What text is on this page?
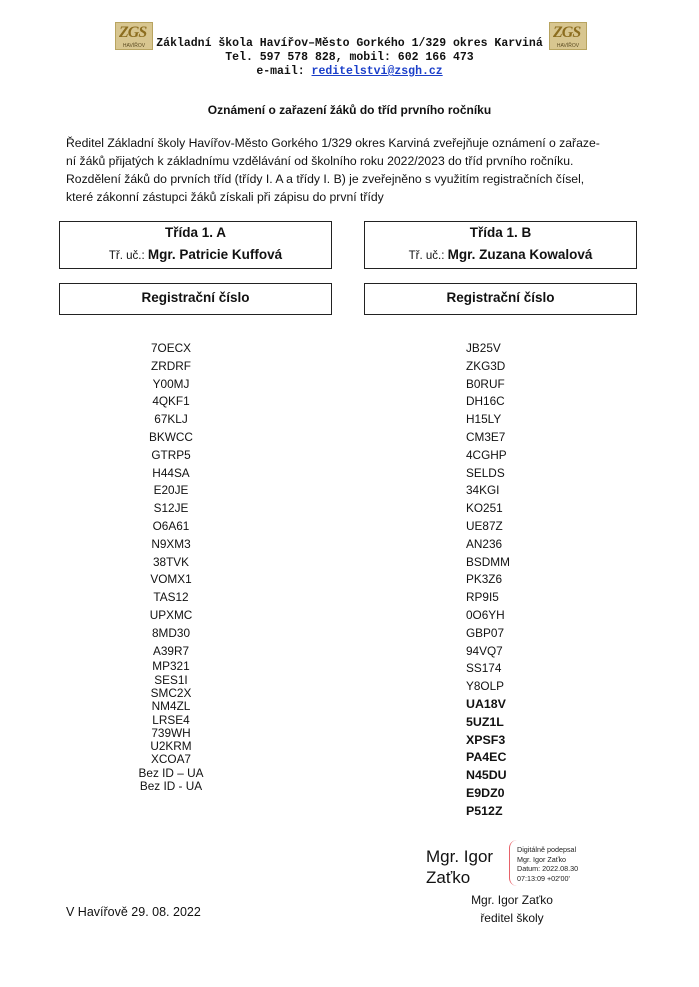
ZGS
HAVÍŘOV
ZGS
HAVÍŘOV
Základní škola Havířov–Město Gorkého 1/329 okres Karviná
Tel. 597 578 828, mobil: 602 166 473
e-mail: reditelstvi@zsgh.cz
Oznámení o zařazení žáků do tříd prvního ročníku
Ředitel Základní školy Havířov-Město Gorkého 1/329 okres Karviná zveřejňuje oznámení o zařaze-
ní žáků přijatých k základnímu vzdělávání od školního roku 2022/2023 do tříd prvního ročníku.
Rozdělení žáků do prvních tříd (třídy I. A a třídy I. B) je zveřejněno s využitím registračních čísel,
které zákonní zástupci žáků získali při zápisu do první třídy
Třída 1. A
Tř. uč.: Mgr. Patricie Kuffová
Registrační číslo
Třída 1. B
Tř. uč.: Mgr. Zuzana Kowalová
Registrační číslo
7OECX
ZRDRF
Y00MJ
4QKF1
67KLJ
BKWCC
GTRP5
H44SA
E20JE
S12JE
O6A61
N9XM3
38TVK
VOMX1
TAS12
UPXMC
8MD30
A39R7
MP321
SES1I
SMC2X
NM4ZL
LRSE4
739WH
U2KRM
XCOA7
Bez ID – UA
Bez ID - UA
JB25V
ZKG3D
B0RUF
DH16C
H15LY
CM3E7
4CGHP
SELDS
34KGI
KO251
UE87Z
AN236
BSDMM
PK3Z6
RP9I5
0O6YH
GBP07
94VQ7
SS174
Y8OLP
UA18V
5UZ1L
XPSF3
PA4EC
N45DU
E9DZ0
P512Z
Mgr. Igor
Zaťko
Digitálně podepsal
Mgr. Igor Zaťko
Datum: 2022.08.30
07:13:09 +02'00'
Mgr. Igor Zaťko
ředitel školy
V Havířově 29. 08. 2022
